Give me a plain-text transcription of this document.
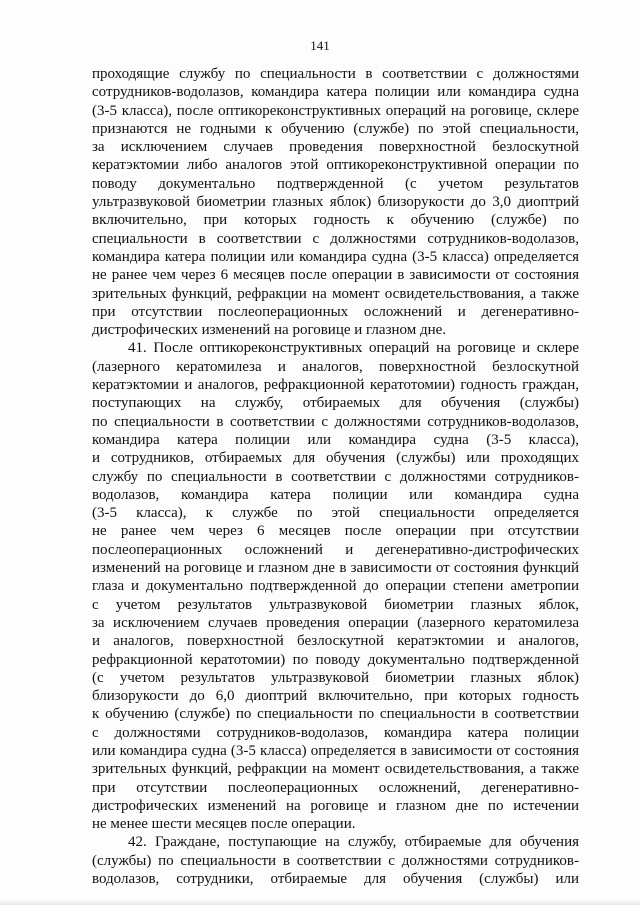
141

проходящие службу по специальности в соответствии с должностями
сотрудников-водолазов, командира катера полиции или командира судна
(3-5 класса), после оптикореконструктивных операций на роговице, склере
признаются не годными к обучению (службе) по этой специальности,
за исключением случаев проведения поверхностной безлоскутной
кератэктомии либо аналогов этой оптикореконструктивной операции по
поводу документально подтвержденной (с учетом результатов
ультразвуковой биометрии глазных яблок) близорукости до 3,0 диоптрий
включительно, при которых годность к обучению (службе) по
специальности в соответствии с должностями сотрудников-водолазов,
командира катера полиции или командира судна (3-5 класса) определяется
не ранее чем через 6 месяцев после операции в зависимости от состояния
зрительных функций, рефракции на момент освидетельствования, а также
при отсутствии послеоперационных осложнений и дегенеративно-
дистрофических изменений на роговице и глазном дне.

41. После оптикореконструктивных операций на роговице и склере
(лазерного кератомилеза и аналогов, поверхностной безлоскутной
кератэктомии и аналогов, рефракционной кератотомии) годность граждан,
поступающих на службу, отбираемых для обучения (службы)
по специальности в соответствии с должностями сотрудников-водолазов,
командира катера полиции или командира судна (3-5 класса),
и сотрудников, отбираемых для обучения (службы) или проходящих
службу по специальности в соответствии с должностями сотрудников-
водолазов, командира катера полиции или командира судна
(3-5 класса), к службе по этой специальности определяется
не ранее чем через 6 месяцев после операции при отсутствии
послеоперационных осложнений и дегенеративно-дистрофических
изменений на роговице и глазном дне в зависимости от состояния функций
глаза и документально подтвержденной до операции степени аметропии
с учетом результатов ультразвуковой биометрии глазных яблок,
за исключением случаев проведения операции (лазерного кератомилеза
и аналогов, поверхностной безлоскутной кератэктомии и аналогов,
рефракционной кератотомии) по поводу документально подтвержденной
(с учетом результатов ультразвуковой биометрии глазных яблок)
близорукости до 6,0 диоптрий включительно, при которых годность
к обучению (службе) по специальности по специальности в соответствии
с должностями сотрудников-водолазов, командира катера полиции
или командира судна (3-5 класса) определяется в зависимости от состояния
зрительных функций, рефракции на момент освидетельствования, а также
при отсутствии послеоперационных осложнений, дегенеративно-
дистрофических изменений на роговице и глазном дне по истечении
не менее шести месяцев после операции.

42. Граждане, поступающие на службу, отбираемые для обучения
(службы) по специальности в соответствии с должностями сотрудников-
водолазов, сотрудники, отбираемые для обучения (службы) или
